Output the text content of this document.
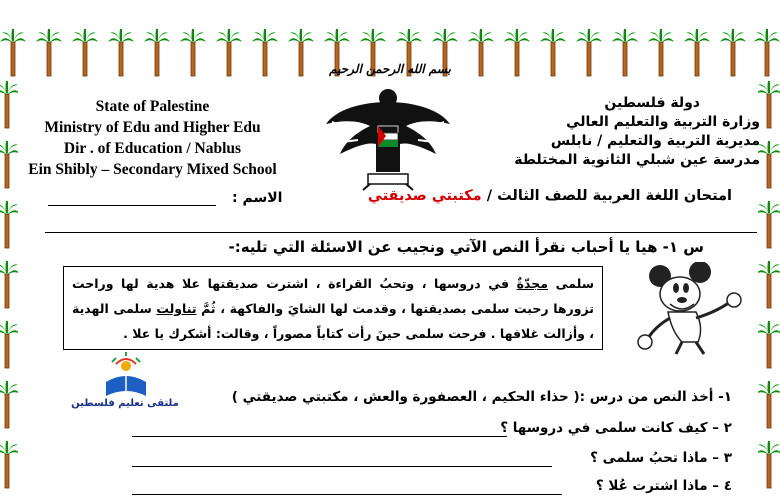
State of Palestine
Ministry of Edu and Higher Edu
Dir . of Education / Nablus
Ein Shibly – Secondary Mixed School
دولة فلسطين
وزارة التربية والتعليم العالي
مديرية التربية والتعليم / نابلس
مدرسة عين شبلي الثانوية المختلطة
بسم الله الرحمن الرحيم
امتحان اللغة العربية للصف الثالث / مكتبتي صديقتي
الاسم :
س ١- هيا يا أحباب نقرأ النص الآتي ونجيب عن الاسئلة التي تليه:-
سلمى مجدّةٌ في دروسها ، وتحبُ القراءة ، اشترت صديقتها علا هدية لها وراحت تزورها رحبت سلمى بصديقتها ، وقدمت لها الشايَ والفاكهة ، ثُمَّ تناولت سلمى الهدية ، وأزالت غلافها . فرحت سلمى حينَ رأت كتاباً مصوراً ، وقالت: أشكرك يا علا .
ملتقى تعليم فلسطين	١- أخذ النص من درس :( حذاء الحكيم ، العصفورة والعش ، مكتبتي صديقتي )
٢ – كيف كانت سلمى في دروسها ؟
٣ – ماذا تحبُ سلمى ؟
٤ – ماذا اشترت عُلا ؟
